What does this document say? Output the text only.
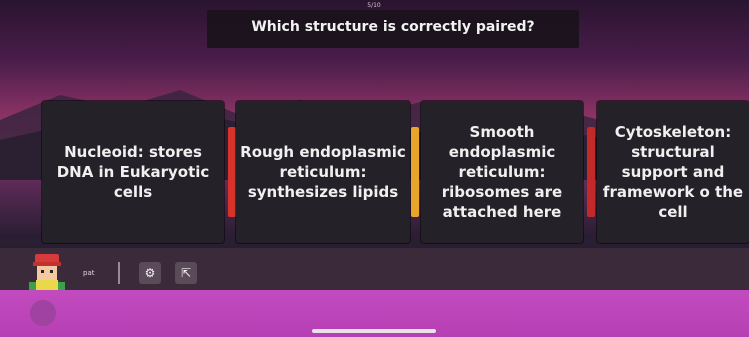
5/10
Which structure is correctly paired?
Nucleoid: stores DNA in Eukaryotic cells
Rough endoplasmic reticulum: synthesizes lipids
Smooth endoplasmic reticulum: ribosomes are attached here
Cytoskeleton: structural support and framework o the cell
pat	⚙	⇱
